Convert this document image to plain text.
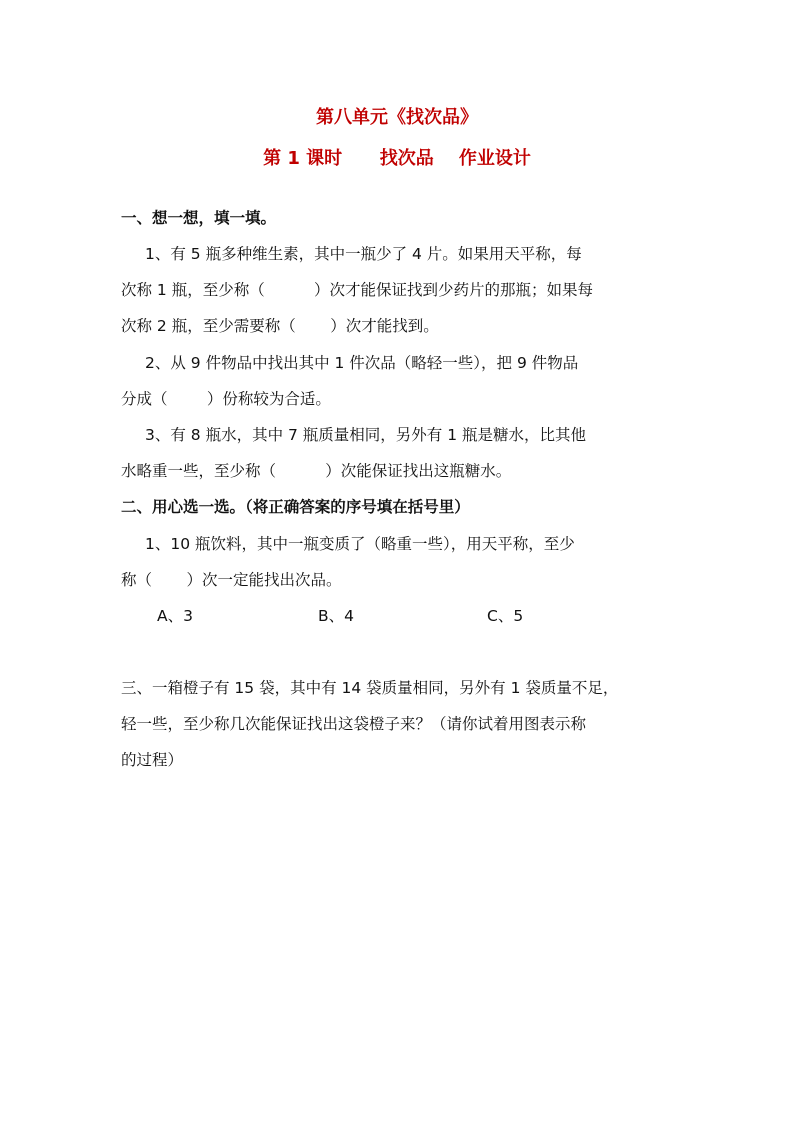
第八单元《找次品》
第 1 课时      找次品    作业设计
一、想一想，填一填。
1、有 5 瓶多种维生素，其中一瓶少了 4 片。如果用天平称，每
次称 1 瓶，至少称（          ）次才能保证找到少药片的那瓶；如果每
次称 2 瓶，至少需要称（       ）次才能找到。
2、从 9 件物品中找出其中 1 件次品（略轻一些），把 9 件物品
分成（        ）份称较为合适。
3、有 8 瓶水，其中 7 瓶质量相同，另外有 1 瓶是糖水，比其他
水略重一些，至少称（          ）次能保证找出这瓶糖水。
二、用心选一选。（将正确答案的序号填在括号里）
1、10 瓶饮料，其中一瓶变质了（略重一些），用天平称，至少
称（       ）次一定能找出次品。
A、3	B、4	C、5
三、一箱橙子有 15 袋，其中有 14 袋质量相同，另外有 1 袋质量不足，
轻一些，至少称几次能保证找出这袋橙子来？（请你试着用图表示称
的过程）
